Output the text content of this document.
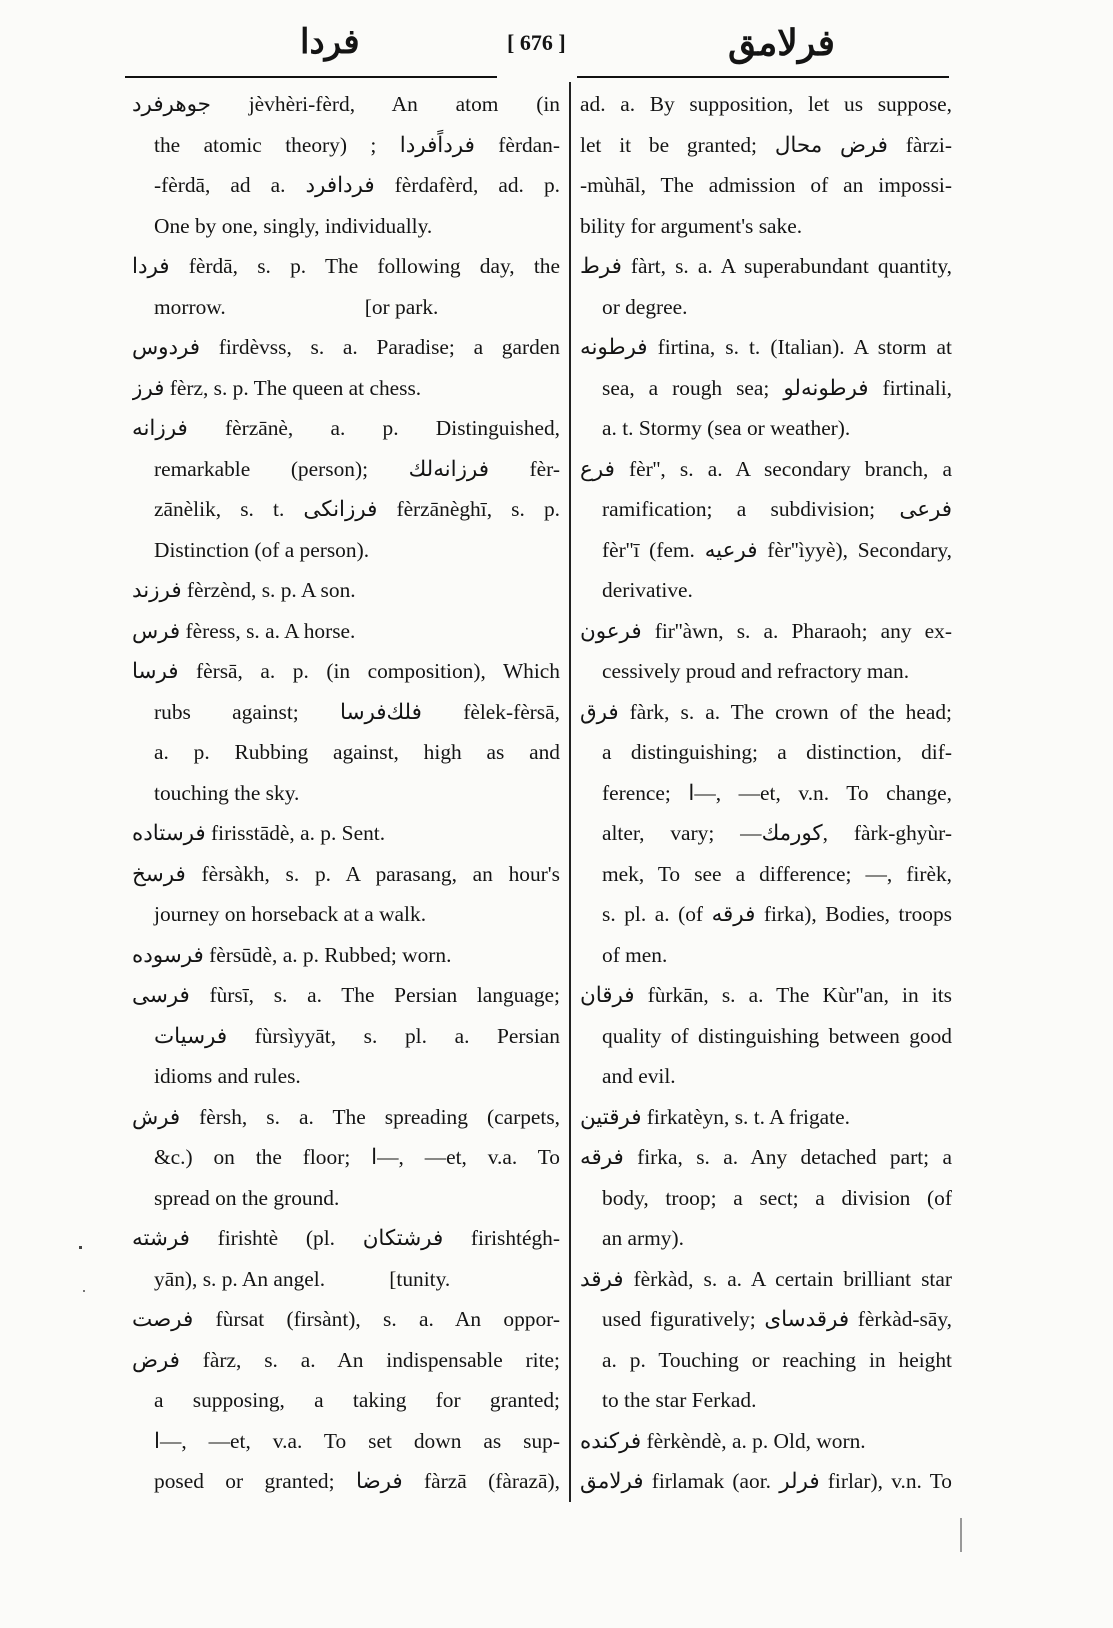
فردا	[ 676 ]	فرلامق
جوهرفرد jèvhèri-fèrd, An atom (in
the atomic theory) ; فرداًفردا fèrdan-
-fèrdā, ad a. فردافرد fèrdafèrd, ad. p.
One by one, singly, individually.
فردا fèrdā, s. p. The following day, the
morrow.                          [or park.
فردوس firdèvss, s. a. Paradise; a garden
فرز fèrz, s. p. The queen at chess.
فرزانه fèrzānè, a. p. Distinguished,
remarkable (person); فرزانه‌لك fèr-
zānèlik, s. t. فرزانكی fèrzānèghī, s. p.
Distinction (of a person).
فرزند fèrzènd, s. p. A son.
فرس fèress, s. a. A horse.
فرسا fèrsā, a. p. (in composition), Which
rubs against; فلك‌فرسا fèlek-fèrsā,
a. p. Rubbing against, high as and
touching the sky.
فرستاده firisstādè, a. p. Sent.
فرسخ fèrsàkh, s. p. A parasang, an hour's
journey on horseback at a walk.
فرسوده fèrsūdè, a. p. Rubbed; worn.
فرسی fùrsī, s. a. The Persian language;
فرسيات fùrsìyyāt, s. pl. a. Persian
idioms and rules.
فرش fèrsh, s. a. The spreading (carpets,
&c.) on the floor; ا—, —et, v.a. To
spread on the ground.
فرشته firishtè (pl. فرشتكان firishtégh-
yān), s. p. An angel.            [tunity.
فرصت fùrsat (firsànt), s. a. An oppor-
فرض fàrz, s. a. An indispensable rite;
a supposing, a taking for granted;
ا—, —et, v.a. To set down as sup-
posed or granted; فرضا fàrzā (fàrazā),
ad. a. By supposition, let us suppose,
let it be granted; فرض محال fàrzi-
-mùhāl, The admission of an impossi-
bility for argument's sake.
فرط fàrt, s. a. A superabundant quantity,
or degree.
فرطونه firtina, s. t. (Italian). A storm at
sea, a rough sea; فرطونه‌لو firtinali,
a. t. Stormy (sea or weather).
فرع fèr'', s. a. A secondary branch, a
ramification; a subdivision; فرعی
fèr''ī (fem. فرعيه fèr''ìyyè), Secondary,
derivative.
فرعون fir''àwn, s. a. Pharaoh; any ex-
cessively proud and refractory man.
فرق fàrk, s. a. The crown of the head;
a distinguishing; a distinction, dif-
ference; ا—, —et, v.n. To change,
alter, vary; —كورمك, fàrk-ghyùr-
mek, To see a difference; —, firèk,
s. pl. a. (of فرقه firka), Bodies, troops
of men.
فرقان fùrkān, s. a. The Kùr''an, in its
quality of distinguishing between good
and evil.
فرقتين firkatèyn, s. t. A frigate.
فرقه firka, s. a. Any detached part; a
body, troop; a sect; a division (of
an army).
فرقد fèrkàd, s. a. A certain brilliant star
used figuratively; فرقدسای fèrkàd-sāy,
a. p. Touching or reaching in height
to the star Ferkad.
فركنده fèrkèndè, a. p. Old, worn.
فرلامق firlamak (aor. فرلر firlar), v.n. To
